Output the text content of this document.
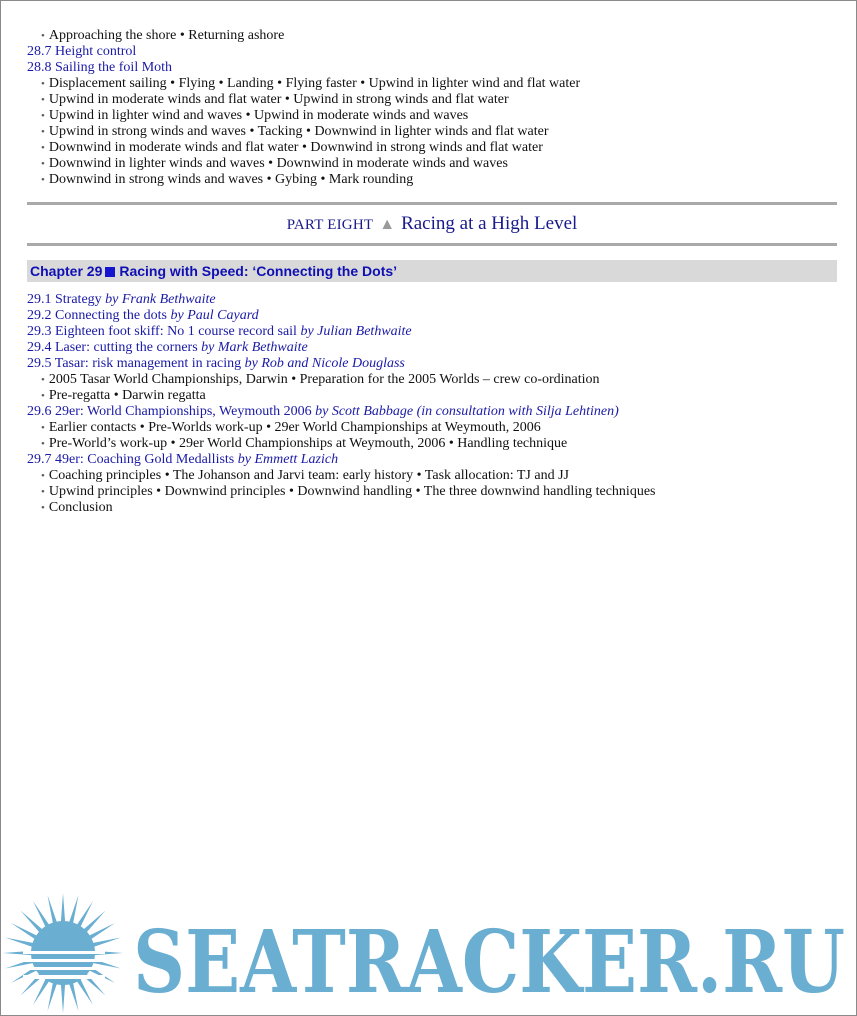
• Approaching the shore • Returning ashore
28.7 Height control
28.8 Sailing the foil Moth
• Displacement sailing • Flying • Landing • Flying faster • Upwind in lighter wind and flat water
• Upwind in moderate winds and flat water • Upwind in strong winds and flat water
• Upwind in lighter wind and waves • Upwind in moderate winds and waves
• Upwind in strong winds and waves • Tacking • Downwind in lighter winds and flat water
• Downwind in moderate winds and flat water • Downwind in strong winds and flat water
• Downwind in lighter winds and waves • Downwind in moderate winds and waves
• Downwind in strong winds and waves • Gybing • Mark rounding
PART EIGHT ▲ Racing at a High Level
Chapter 29 Racing with Speed: ‘Connecting the Dots’
29.1 Strategy by Frank Bethwaite
29.2 Connecting the dots by Paul Cayard
29.3 Eighteen foot skiff: No 1 course record sail by Julian Bethwaite
29.4 Laser: cutting the corners by Mark Bethwaite
29.5 Tasar: risk management in racing by Rob and Nicole Douglass
• 2005 Tasar World Championships, Darwin • Preparation for the 2005 Worlds – crew co-ordination
• Pre-regatta • Darwin regatta
29.6 29er: World Championships, Weymouth 2006 by Scott Babbage (in consultation with Silja Lehtinen)
• Earlier contacts • Pre-Worlds work-up • 29er World Championships at Weymouth, 2006
• Pre-World’s work-up • 29er World Championships at Weymouth, 2006 • Handling technique
29.7 49er: Coaching Gold Medallists by Emmett Lazich
• Coaching principles • The Johanson and Jarvi team: early history • Task allocation: TJ and JJ
• Upwind principles • Downwind principles • Downwind handling • The three downwind handling techniques
• Conclusion
SEATRACKER.RU
